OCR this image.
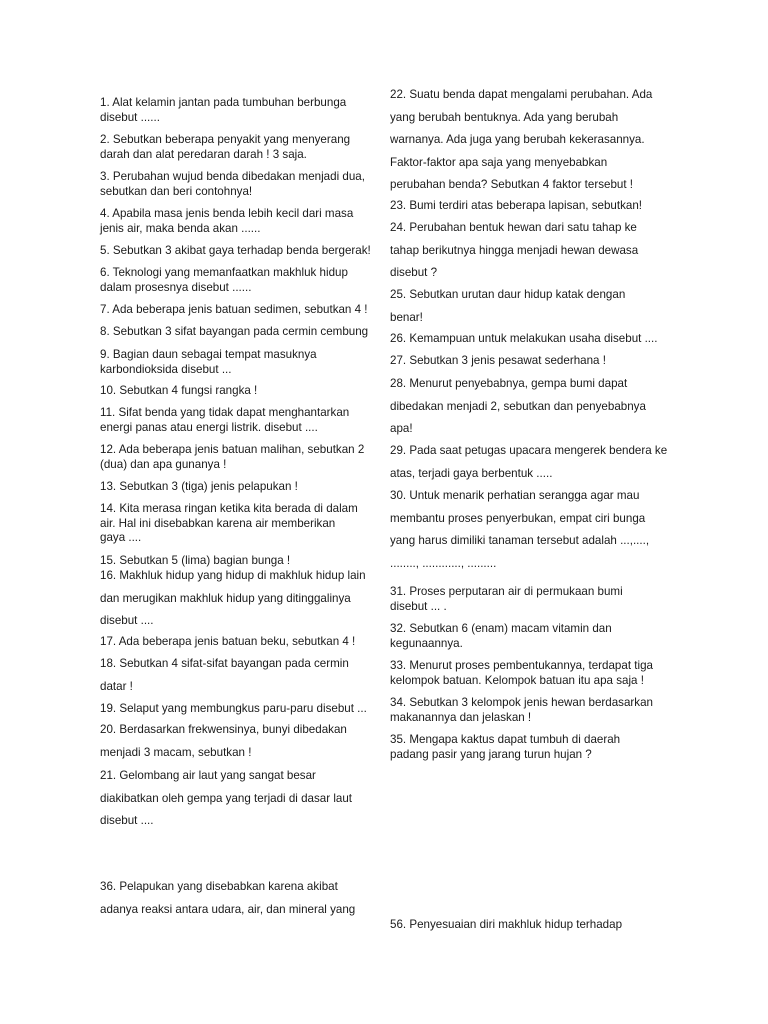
1. Alat kelamin jantan pada tumbuhan berbunga
disebut ......
2. Sebutkan beberapa penyakit yang menyerang
darah dan alat peredaran darah ! 3 saja.
3. Perubahan wujud benda dibedakan menjadi dua,
sebutkan dan beri contohnya!
4. Apabila masa jenis benda lebih kecil dari masa
jenis air, maka benda akan ......
5. Sebutkan 3 akibat gaya terhadap benda bergerak!
6. Teknologi yang memanfaatkan makhluk hidup
dalam prosesnya disebut ......
7. Ada beberapa jenis batuan sedimen, sebutkan 4 !
8. Sebutkan 3 sifat bayangan pada cermin cembung
9. Bagian daun sebagai tempat masuknya
karbondioksida disebut ...
10. Sebutkan 4 fungsi rangka !
11. Sifat benda yang tidak dapat menghantarkan
energi panas atau energi listrik. disebut ....
12. Ada beberapa jenis batuan malihan, sebutkan 2
(dua) dan apa gunanya !
13. Sebutkan 3 (tiga) jenis pelapukan !
14. Kita merasa ringan ketika kita berada di dalam
air. Hal ini disebabkan karena air memberikan
gaya ....
15. Sebutkan 5 (lima) bagian bunga !
16. Makhluk hidup yang hidup di makhluk hidup lain
dan merugikan makhluk hidup yang ditinggalinya
disebut ....
17. Ada beberapa jenis batuan beku, sebutkan 4 !
18. Sebutkan 4 sifat-sifat bayangan pada cermin
datar !
19. Selaput yang membungkus paru-paru disebut ...
20. Berdasarkan frekwensinya, bunyi dibedakan
menjadi 3 macam, sebutkan !
21. Gelombang air laut yang sangat besar
diakibatkan oleh gempa yang terjadi di dasar laut
disebut ....
36. Pelapukan yang disebabkan karena akibat
adanya reaksi antara udara, air, dan mineral yang
22. Suatu benda dapat mengalami perubahan. Ada
yang berubah bentuknya. Ada yang berubah
warnanya. Ada juga yang berubah kekerasannya.
Faktor-faktor apa saja yang menyebabkan
perubahan benda? Sebutkan 4 faktor tersebut !
23. Bumi terdiri atas beberapa lapisan, sebutkan!
24. Perubahan bentuk hewan dari satu tahap ke
tahap berikutnya hingga menjadi hewan dewasa
disebut ?
25. Sebutkan urutan daur hidup katak dengan
benar!
26. Kemampuan untuk melakukan usaha disebut ....
27. Sebutkan 3 jenis pesawat sederhana !
28. Menurut penyebabnya, gempa bumi dapat
dibedakan menjadi 2, sebutkan dan penyebabnya
apa!
29. Pada saat petugas upacara mengerek bendera ke
atas, terjadi gaya berbentuk .....
30. Untuk menarik perhatian serangga agar mau
membantu proses penyerbukan, empat ciri bunga
yang harus dimiliki tanaman tersebut adalah ...,....,
........, ............, .........
31. Proses perputaran air di permukaan bumi
disebut ... .
32. Sebutkan 6 (enam) macam vitamin dan
kegunaannya.
33. Menurut proses pembentukannya, terdapat tiga
kelompok batuan. Kelompok batuan itu apa saja !
34. Sebutkan 3 kelompok jenis hewan berdasarkan
makanannya dan jelaskan !
35. Mengapa kaktus dapat tumbuh di daerah
padang pasir yang jarang turun hujan ?
56. Penyesuaian diri makhluk hidup terhadap
